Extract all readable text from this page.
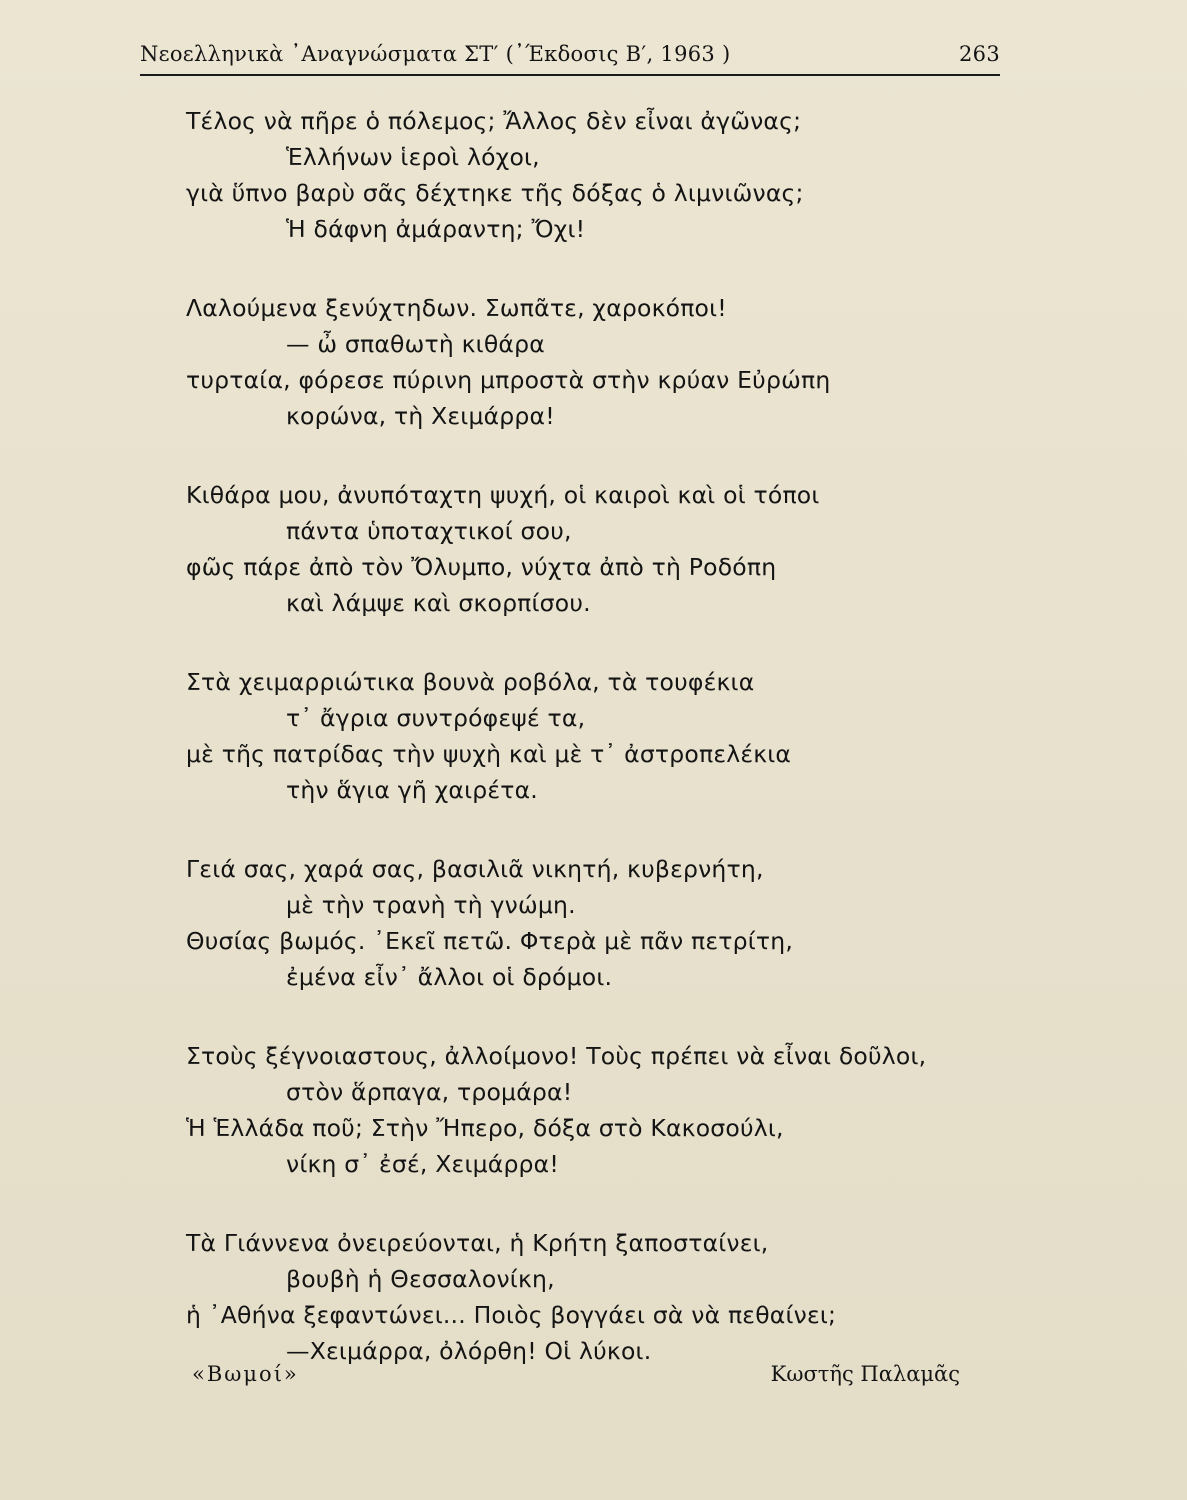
Νεοελληνικὰ ᾿Αναγνώσματα ΣΤ′ (᾿Έκδοσις Β′, 1963 )	263
Τέλος νὰ πῆρε ὁ πόλεμος; Ἄλλος δὲν εἶναι ἀγῶνας;
Ἑλλήνων ἱεροὶ λόχοι,
γιὰ ὕπνο βαρὺ σᾶς δέχτηκε τῆς δόξας ὁ λιμνιῶνας;
Ἡ δάφνη ἀμάραντη; Ὄχι!
Λαλούμενα ξενύχτηδων. Σωπᾶτε, χαροκόποι!
— ὦ σπαθωτὴ κιθάρα
τυρταία, φόρεσε πύρινη μπροστὰ στὴν κρύαν Εὐρώπη
κορώνα, τὴ Χειμάρρα!
Κιθάρα μου, ἀνυπόταχτη ψυχή, οἱ καιροὶ καὶ οἱ τόποι
πάντα ὑποταχτικοί σου,
φῶς πάρε ἀπὸ τὸν Ὄλυμπο, νύχτα ἀπὸ τὴ Ροδόπη
καὶ λάμψε καὶ σκορπίσου.
Στὰ χειμαρριώτικα βουνὰ ροβόλα, τὰ τουφέκια
τ᾿ ἄγρια συντρόφεψέ τα,
μὲ τῆς πατρίδας τὴν ψυχὴ καὶ μὲ τ᾿ ἀστροπελέκια
τὴν ἅγια γῆ χαιρέτα.
Γειά σας, χαρά σας, βασιλιᾶ νικητή, κυβερνήτη,
μὲ τὴν τρανὴ τὴ γνώμη.
Θυσίας βωμός. ᾿Εκεῖ πετῶ. Φτερὰ μὲ πᾶν πετρίτη,
ἐμένα εἶν᾿ ἄλλοι οἱ δρόμοι.
Στοὺς ξέγνοιαστους, ἀλλοίμονο! Τοὺς πρέπει νὰ εἶναι δοῦλοι,
στὸν ἅρπαγα, τρομάρα!
Ἡ Ἑλλάδα ποῦ; Στὴν Ἤπερο, δόξα στὸ Κακοσούλι,
νίκη σ᾿ ἐσέ, Χειμάρρα!
Τὰ Γιάννενα ὀνειρεύονται, ἡ Κρήτη ξαποσταίνει,
βουβὴ ἡ Θεσσαλονίκη,
ἡ ᾿Αθήνα ξεφαντώνει... Ποιὸς βογγάει σὰ νὰ πεθαίνει;
—Χειμάρρα, ὀλόρθη! Οἱ λύκοι.
«Βωμοί»	Κωστῆς Παλαμᾶς
